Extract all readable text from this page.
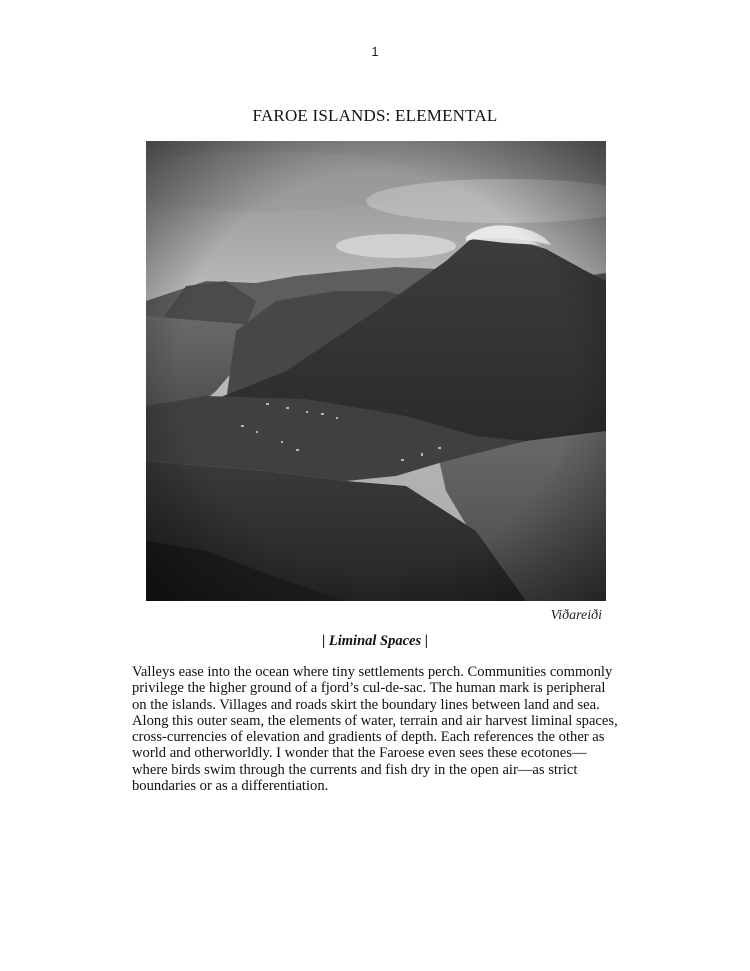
1
FAROE ISLANDS: ELEMENTAL
Viðareiði
| Liminal Spaces |

Valleys ease into the ocean where tiny settlements perch. Communities commonly privilege the higher ground of a fjord’s cul-de-sac. The human mark is peripheral on the islands. Villages and roads skirt the boundary lines between land and sea. Along this outer seam, the elements of water, terrain and air harvest liminal spaces, cross-currencies of elevation and gradients of depth. Each references the other as world and otherworldly. I wonder that the Faroese even sees these ecotones—where birds swim through the currents and fish dry in the open air—as strict boundaries or as a differentiation.
